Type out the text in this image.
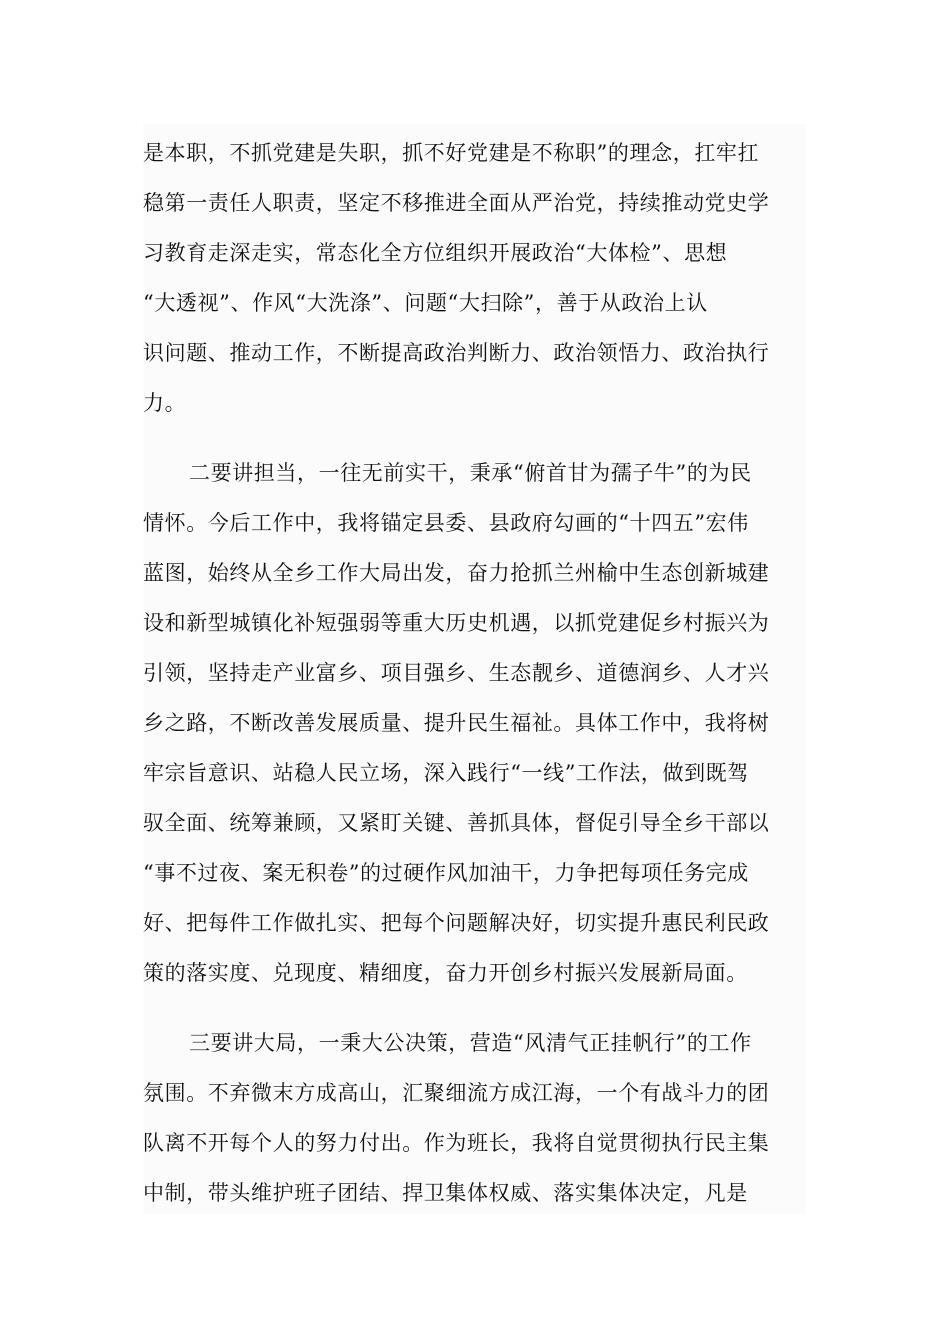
是本职，不抓党建是失职，抓不好党建是不称职”的理念，扛牢扛
稳第一责任人职责，坚定不移推进全面从严治党，持续推动党史学
习教育走深走实，常态化全方位组织开展政治“大体检”、思想
“大透视”、作风“大洗涤”、问题“大扫除”，善于从政治上认
识问题、推动工作，不断提高政治判断力、政治领悟力、政治执行
力。
二要讲担当，一往无前实干，秉承“俯首甘为孺子牛”的为民
情怀。今后工作中，我将锚定县委、县政府勾画的“十四五”宏伟
蓝图，始终从全乡工作大局出发，奋力抢抓兰州榆中生态创新城建
设和新型城镇化补短强弱等重大历史机遇，以抓党建促乡村振兴为
引领，坚持走产业富乡、项目强乡、生态靓乡、道德润乡、人才兴
乡之路，不断改善发展质量、提升民生福祉。具体工作中，我将树
牢宗旨意识、站稳人民立场，深入践行“一线”工作法，做到既驾
驭全面、统筹兼顾，又紧盯关键、善抓具体，督促引导全乡干部以
“事不过夜、案无积卷”的过硬作风加油干，力争把每项任务完成
好、把每件工作做扎实、把每个问题解决好，切实提升惠民利民政
策的落实度、兑现度、精细度，奋力开创乡村振兴发展新局面。
三要讲大局，一秉大公决策，营造“风清气正挂帆行”的工作
氛围。不弃微末方成高山，汇聚细流方成江海，一个有战斗力的团
队离不开每个人的努力付出。作为班长，我将自觉贯彻执行民主集
中制，带头维护班子团结、捍卫集体权威、落实集体决定，凡是
